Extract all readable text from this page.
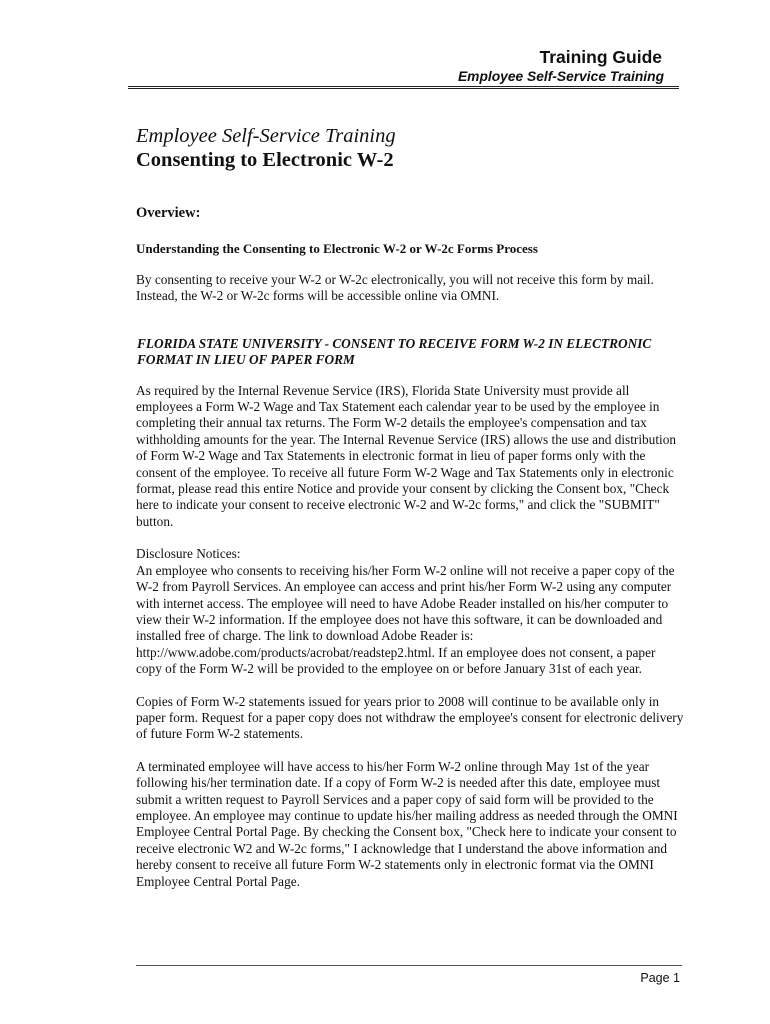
Training Guide
Employee Self-Service Training

Employee Self-Service Training

Consenting to Electronic W-2

Overview:

Understanding the Consenting to Electronic W-2 or W-2c Forms Process

By consenting to receive your W-2 or W-2c electronically, you will not receive this form by mail. Instead, the W-2 or W-2c forms will be accessible online via OMNI.

FLORIDA STATE UNIVERSITY - CONSENT TO RECEIVE FORM W-2 IN ELECTRONIC FORMAT IN LIEU OF PAPER FORM

As required by the Internal Revenue Service (IRS), Florida State University must provide all employees a Form W-2 Wage and Tax Statement each calendar year to be used by the employee in completing their annual tax returns. The Form W-2 details the employee's compensation and tax withholding amounts for the year. The Internal Revenue Service (IRS) allows the use and distribution of Form W-2 Wage and Tax Statements in electronic format in lieu of paper forms only with the consent of the employee. To receive all future Form W-2 Wage and Tax Statements only in electronic format, please read this entire Notice and provide your consent by clicking the Consent box, "Check here to indicate your consent to receive electronic W-2 and W-2c forms," and click the "SUBMIT" button.

Disclosure Notices:

An employee who consents to receiving his/her Form W-2 online will not receive a paper copy of the W-2 from Payroll Services. An employee can access and print his/her Form W-2 using any computer with internet access. The employee will need to have Adobe Reader installed on his/her computer to view their W-2 information. If the employee does not have this software, it can be downloaded and installed free of charge. The link to download Adobe Reader is: http://www.adobe.com/products/acrobat/readstep2.html. If an employee does not consent, a paper copy of the Form W-2 will be provided to the employee on or before January 31st of each year.

Copies of Form W-2 statements issued for years prior to 2008 will continue to be available only in paper form. Request for a paper copy does not withdraw the employee's consent for electronic delivery of future Form W-2 statements.

A terminated employee will have access to his/her Form W-2 online through May 1st of the year following his/her termination date. If a copy of Form W-2 is needed after this date, employee must submit a written request to Payroll Services and a paper copy of said form will be provided to the employee. An employee may continue to update his/her mailing address as needed through the OMNI Employee Central Portal Page. By checking the Consent box, "Check here to indicate your consent to receive electronic W2 and W-2c forms," I acknowledge that I understand the above information and hereby consent to receive all future Form W-2 statements only in electronic format via the OMNI Employee Central Portal Page.

Page 1
